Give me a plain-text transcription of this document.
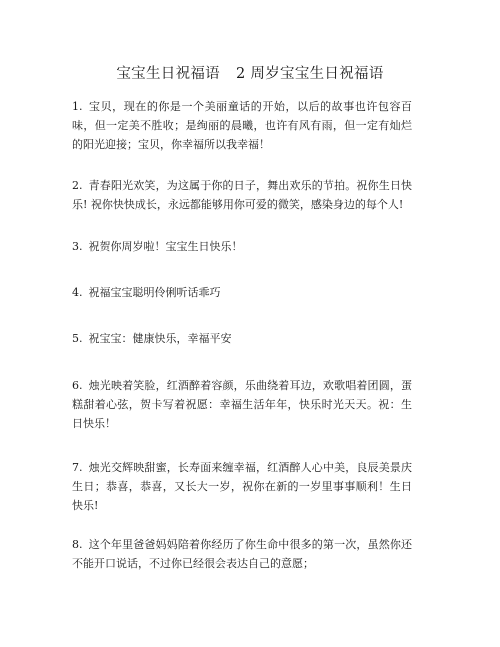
宝宝生日祝福语 2 周岁宝宝生日祝福语
1. 宝贝，现在的你是一个美丽童话的开始，以后的故事也许包容百味，但一定美不胜收；是绚丽的晨曦，也许有风有雨，但一定有灿烂的阳光迎接；宝贝，你幸福所以我幸福！
2. 青春阳光欢笑，为这属于你的日子，舞出欢乐的节拍。祝你生日快乐! 祝你快快成长，永远都能够用你可爱的微笑，感染身边的每个人!
3. 祝贺你周岁啦！宝宝生日快乐！
4. 祝福宝宝聪明伶俐听话乖巧
5. 祝宝宝：健康快乐，幸福平安
6. 烛光映着笑脸，红酒醉着容颜，乐曲绕着耳边，欢歌唱着团圆，蛋糕甜着心弦，贺卡写着祝愿：幸福生活年年，快乐时光天天。祝：生日快乐！
7. 烛光交辉映甜蜜，长寿面来缠幸福，红酒醉人心中美，良辰美景庆生日；恭喜，恭喜，又长大一岁，祝你在新的一岁里事事顺利！生日快乐!
8. 这个年里爸爸妈妈陪着你经历了你生命中很多的第一次，虽然你还不能开口说话，不过你已经很会表达自己的意愿；
